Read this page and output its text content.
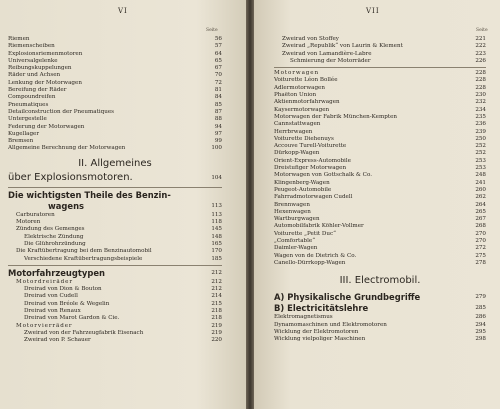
VI
Seite
Riemen	56
Riemenscheiben	57
Explosionsriemenmotoren	64
Universalgelenke	65
Reibungskuppelungen	67
Räder und Achsen	70
Lenkung der Motorwagen	72
Bereifung der Räder	81
Compoundreifen	84
Pneumatiques	85
Detailconstruction der Pneumatiques	87
Untergestelle	88
Federung der Motorwagen	94
Kugellager	97
Bremsen	99
Allgemeine Berechnung der Motorwagen	100
II. Allgemeines
über Explosionsmotoren.	104
Die wichtigsten Theile des Benzin-
wagens	113
Carburatoren	113
Motoren	118
Zündung des Gemenges	145
Elektrische Zündung	148
Die Glührohrzündung	165
Die Kraftübertragung bei dem Benzinautomobil	170
Verschiedene Kraftübertragungsbeispiele	185
Motorfahrzeugtypen	212
Motordreiräder	212
Dreirad von Dion & Bouton	212
Dreirad von Cudell	214
Dreirad von Bréole & Wegelin	215
Dreirad von Renaux	218
Dreirad von Marot Gardon & Cie.	218
Motorvierräder	219
Zweirad von der Fahrzeugfabrik Eisenach	219
Zweirad von P. Schauer	220
VII
Seite
Zweirad von Stoffey	221
Zweirad „Republik“ von Laurin & Klement	222
Zweirad von Lamandière-Labre	223
Schmierung der Motorräder	226
Motorwagen	228
Voiturette Léon Bollée	228
Adlermotorwagen	228
Phaëton Union	230
Aktienmotorfahrwagen	232
Kaysermotorwagen	234
Motorwagen der Fabrik München-Kempten	235
Cannstattwagen	236
Herrbrwagen	239
Voiturette Diehenuys	250
Accouve Turell-Voiturette	252
Dürkopp-Wagen	252
Orient-Express-Automobile	253
Dreistufiger Motorwagen	253
Motorwagen von Gottschalk & Co.	248
Klingenberg-Wagen	241
Peugeot-Automobile	260
Fahrradmotorwagen Cudell	262
Brennwagen	264
Hexenwagen	265
Wartburgwagen	267
Automobilfabrik Köhler-Vollmer	268
Voiturette „Petit Duc“	270
„Comfortable“	270
Daimler-Wagen	272
Wagen von de Dietrich & Co.	275
Canello-Dürrkopp-Wagen	278
III. Electromobil.
A) Physikalische Grundbegriffe	279
B) Electricitätslehre	285
Elektromagnetismus	286
Dynamomaschinen und Elektromotoren	294
Wicklung der Elektromotoren	295
Wicklung vielpoliger Maschinen	298
